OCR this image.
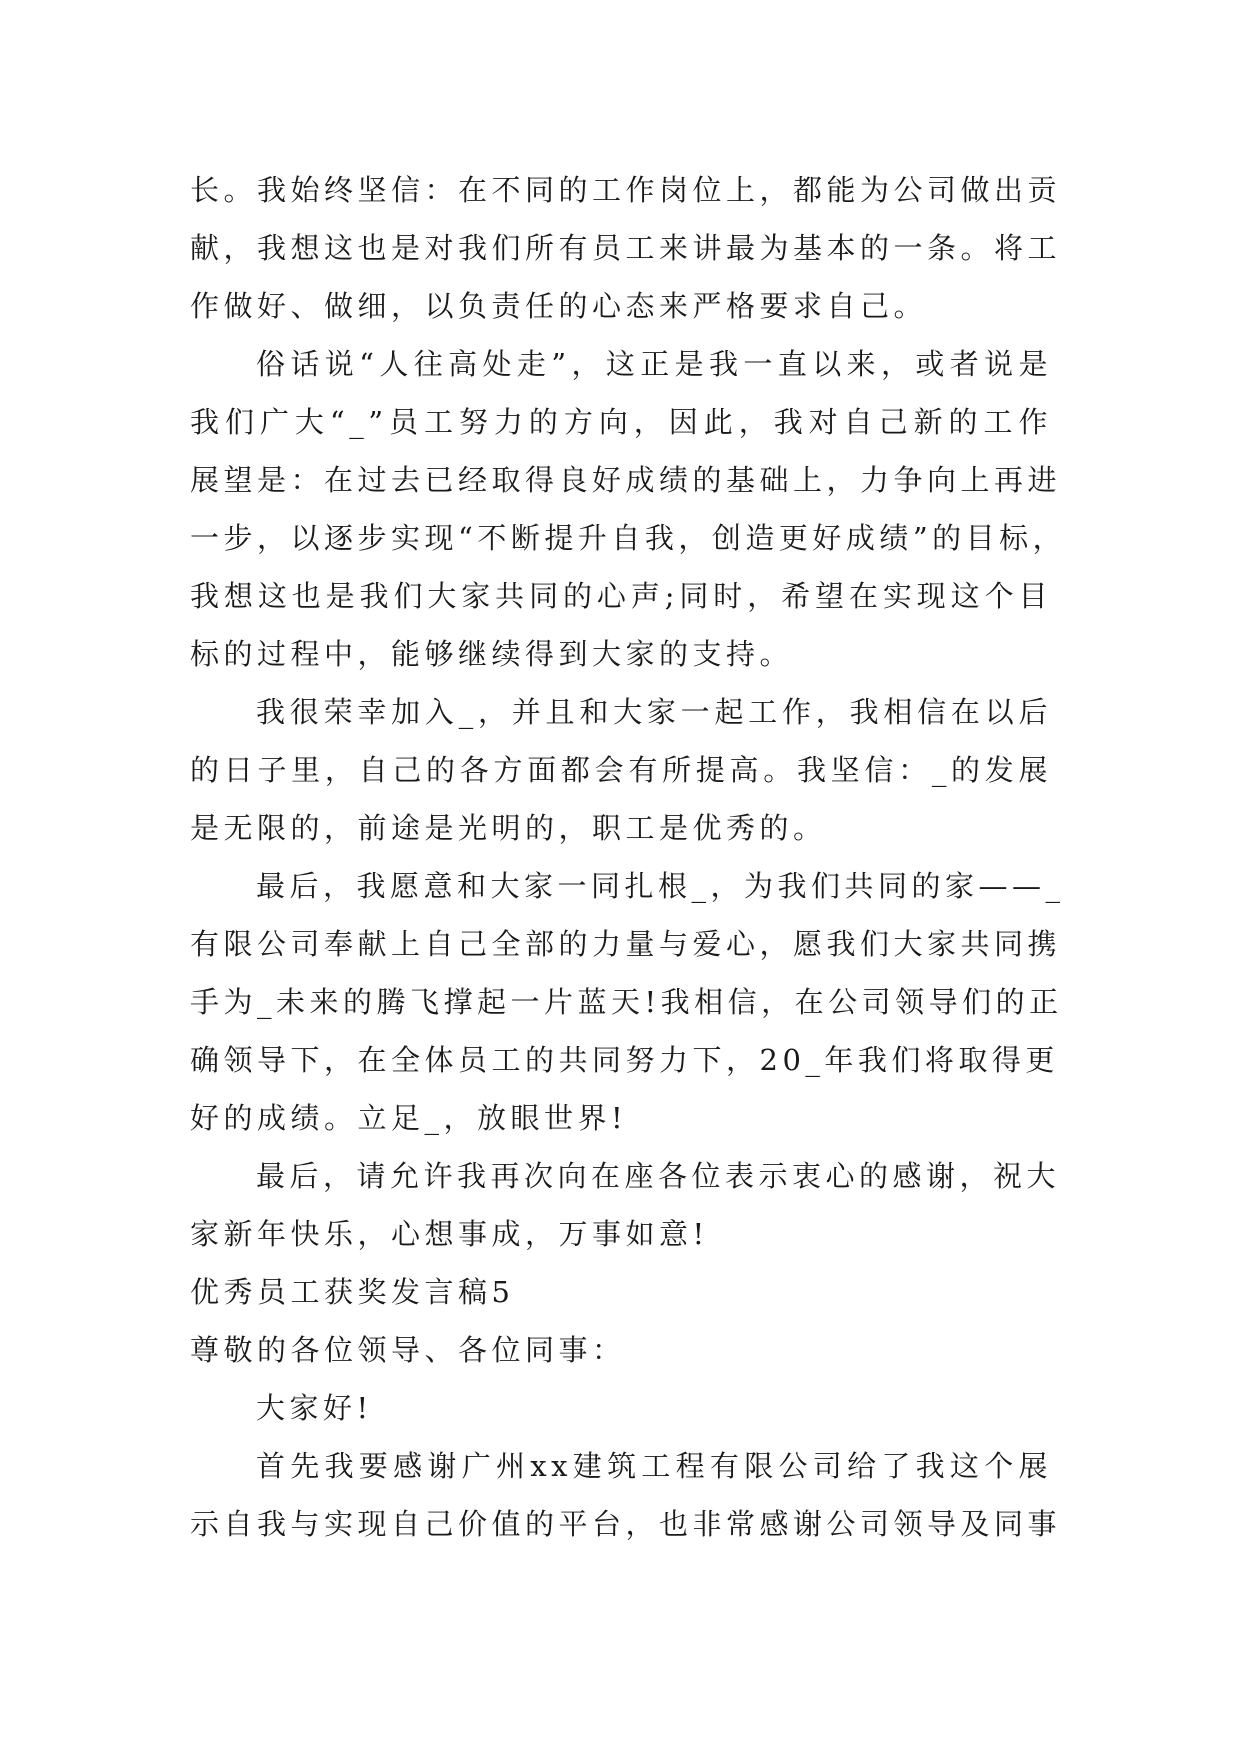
长。我始终坚信：在不同的工作岗位上，都能为公司做出贡
献，我想这也是对我们所有员工来讲最为基本的一条。将工
作做好、做细，以负责任的心态来严格要求自己。
俗话说“人往高处走”，这正是我一直以来，或者说是
我们广大“_”员工努力的方向，因此，我对自己新的工作
展望是：在过去已经取得良好成绩的基础上，力争向上再进
一步，以逐步实现“不断提升自我，创造更好成绩”的目标，
我想这也是我们大家共同的心声;同时，希望在实现这个目
标的过程中，能够继续得到大家的支持。
我很荣幸加入_，并且和大家一起工作，我相信在以后
的日子里，自己的各方面都会有所提高。我坚信：_的发展
是无限的，前途是光明的，职工是优秀的。
最后，我愿意和大家一同扎根_，为我们共同的家——_
有限公司奉献上自己全部的力量与爱心，愿我们大家共同携
手为_未来的腾飞撑起一片蓝天!我相信，在公司领导们的正
确领导下，在全体员工的共同努力下，20_年我们将取得更
好的成绩。立足_，放眼世界!
最后，请允许我再次向在座各位表示衷心的感谢，祝大
家新年快乐，心想事成，万事如意!
优秀员工获奖发言稿5
尊敬的各位领导、各位同事：
大家好!
首先我要感谢广州xx建筑工程有限公司给了我这个展
示自我与实现自己价值的平台，也非常感谢公司领导及同事
